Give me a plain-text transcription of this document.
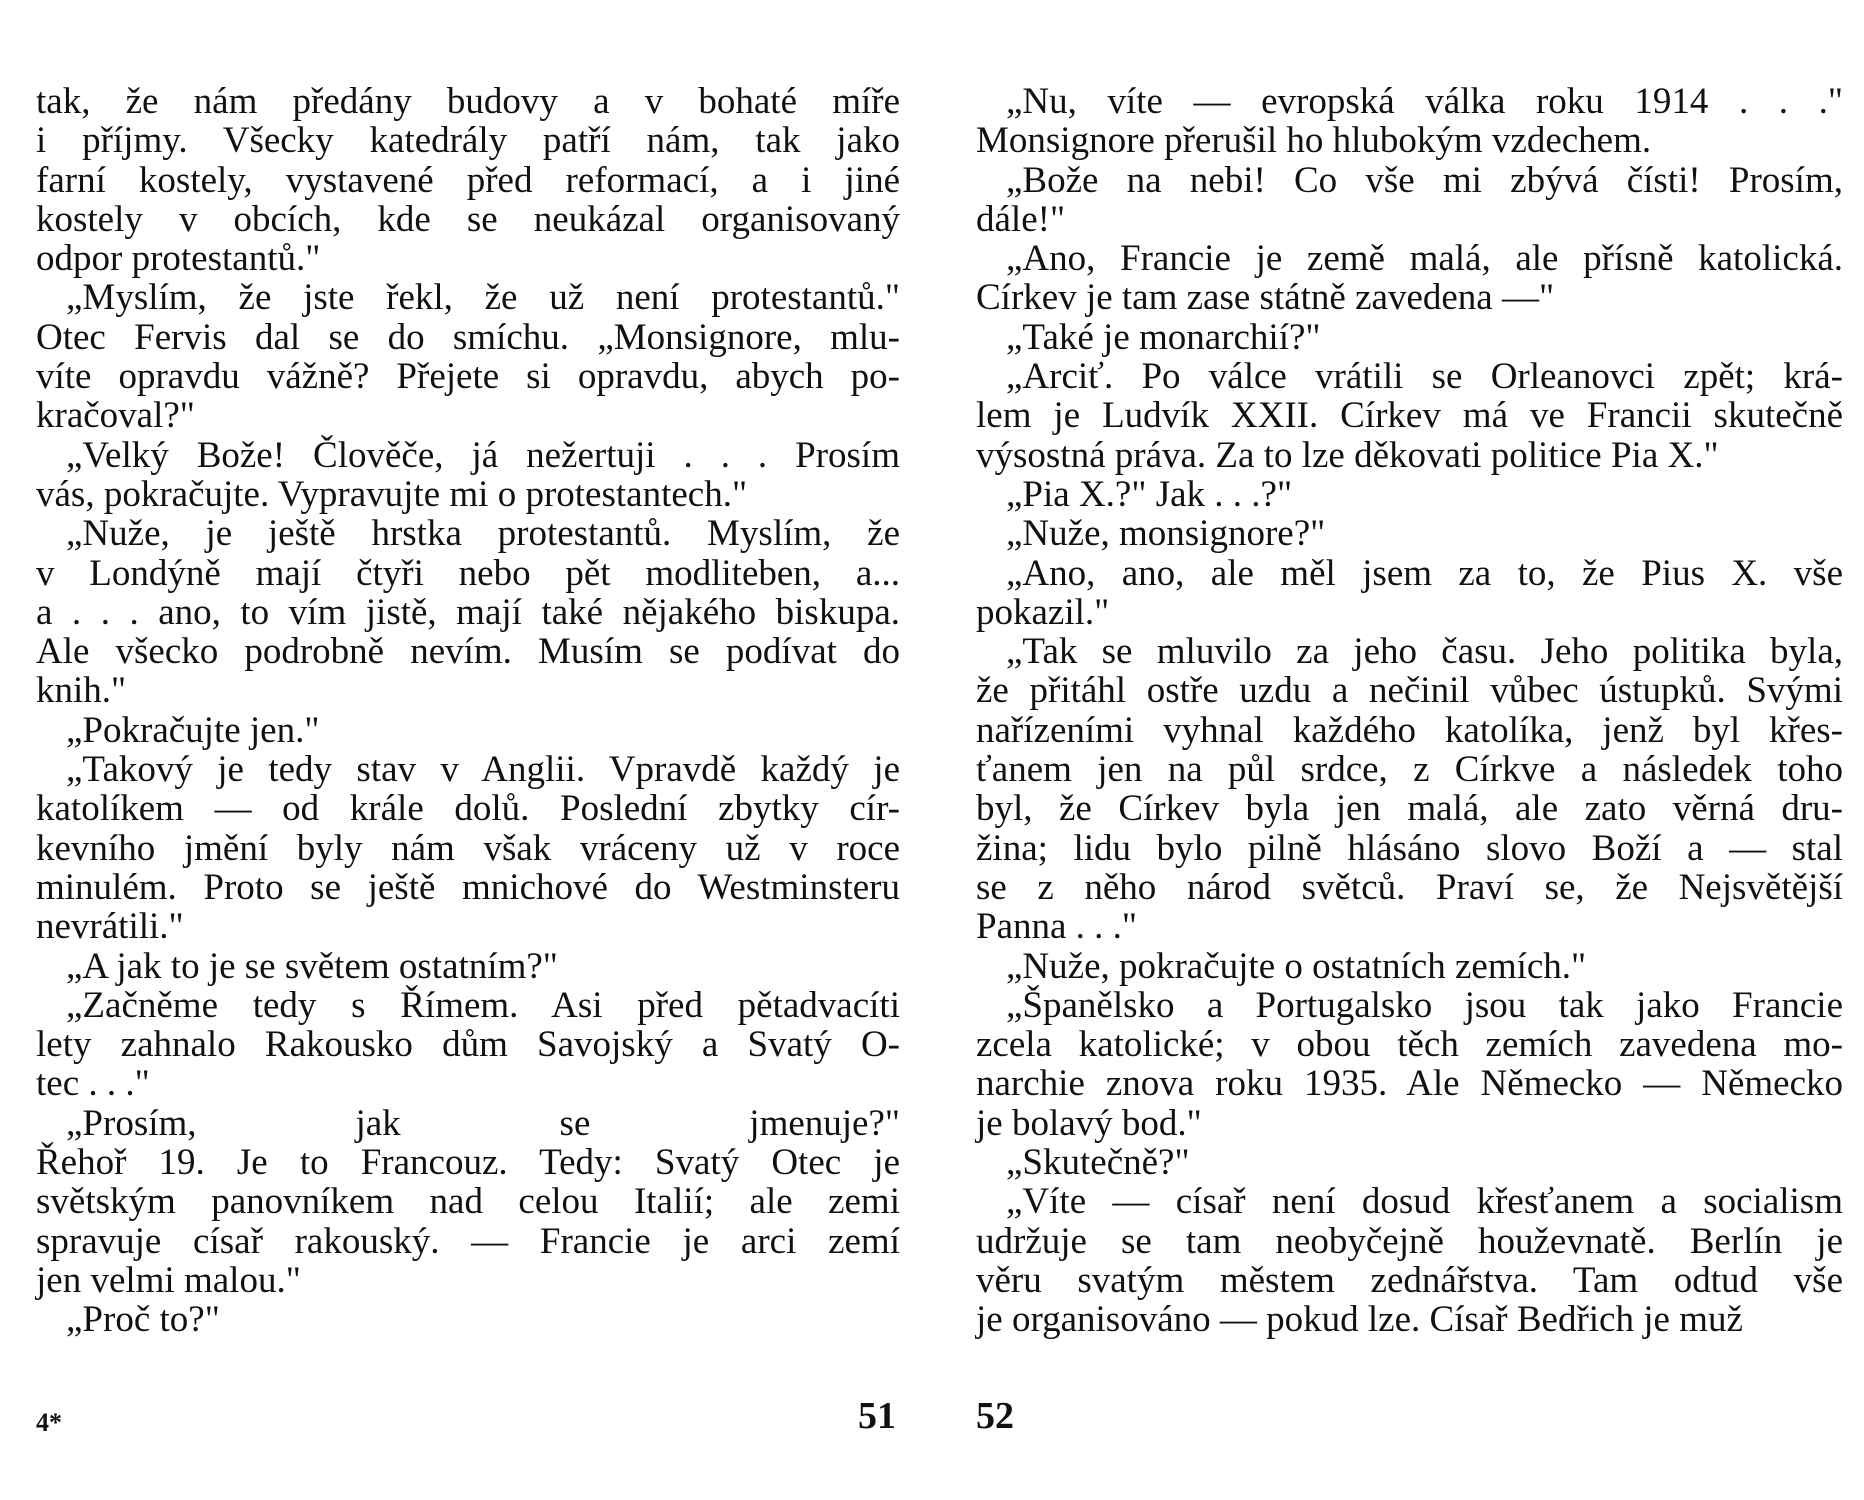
tak, že nám předány budovy a v bohaté míře
i příjmy. Všecky katedrály patří nám, tak jako
farní kostely, vystavené před reformací, a i jiné
kostely v obcích, kde se neukázal organisovaný
odpor protestantů."
„Myslím, že jste řekl, že už není protestantů."
Otec Fervis dal se do smíchu. „Monsignore, mlu-
víte opravdu vážně? Přejete si opravdu, abych po-
kračoval?"
„Velký Bože! Člověče, já nežertuji . . . Prosím
vás, pokračujte. Vypravujte mi o protestantech."
„Nuže, je ještě hrstka protestantů. Myslím, že
v Londýně mají čtyři nebo pět modliteben, a...
a . . . ano, to vím jistě, mají také nějakého biskupa.
Ale všecko podrobně nevím. Musím se podívat do
knih."
„Pokračujte jen."
„Takový je tedy stav v Anglii. Vpravdě každý je
katolíkem — od krále dolů. Poslední zbytky cír-
kevního jmění byly nám však vráceny už v roce
minulém. Proto se ještě mnichové do Westminsteru
nevrátili."
„A jak to je se světem ostatním?"
„Začněme tedy s Římem. Asi před pětadvacíti
lety zahnalo Rakousko dům Savojský a Svatý O-
tec . . ."
„Prosím, jak se jmenuje?"
Řehoř 19. Je to Francouz. Tedy: Svatý Otec je
světským panovníkem nad celou Italií; ale zemi
spravuje císař rakouský. — Francie je arci zemí
jen velmi malou."
„Proč to?"
4*	51
„Nu, víte — evropská válka roku 1914 . . ."
Monsignore přerušil ho hlubokým vzdechem.
„Bože na nebi! Co vše mi zbývá čísti! Prosím,
dále!"
„Ano, Francie je země malá, ale přísně katolická.
Církev je tam zase státně zavedena —"
„Také je monarchií?"
„Arciť. Po válce vrátili se Orleanovci zpět; krá-
lem je Ludvík XXII. Církev má ve Francii skutečně
výsostná práva. Za to lze děkovati politice Pia X."
„Pia X.?" Jak . . .?"
„Nuže, monsignore?"
„Ano, ano, ale měl jsem za to, že Pius X. vše
pokazil."
„Tak se mluvilo za jeho času. Jeho politika byla,
že přitáhl ostře uzdu a nečinil vůbec ústupků. Svými
nařízeními vyhnal každého katolíka, jenž byl křes-
ťanem jen na půl srdce, z Církve a následek toho
byl, že Církev byla jen malá, ale zato věrná dru-
žina; lidu bylo pilně hlásáno slovo Boží a — stal
se z něho národ světců. Praví se, že Nejsvětější
Panna . . ."
„Nuže, pokračujte o ostatních zemích."
„Španělsko a Portugalsko jsou tak jako Francie
zcela katolické; v obou těch zemích zavedena mo-
narchie znova roku 1935. Ale Německo — Německo
je bolavý bod."
„Skutečně?"
„Víte — císař není dosud křesťanem a socialism
udržuje se tam neobyčejně houževnatě. Berlín je
věru svatým městem zednářstva. Tam odtud vše
je organisováno — pokud lze. Císař Bedřich je muž
52
